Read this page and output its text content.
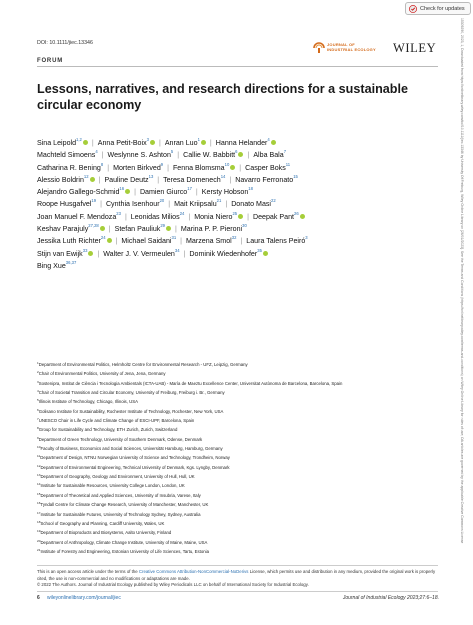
Check for updates
15309290, 2023, 1, Downloaded from https://onlinelibrary.wiley.com/doi/10.1111/jiec.13346 by University Of Freiburg, Wiley Online Library on [26/01/2023]. See the Terms and Conditions (https://onlinelibrary.wiley.com/terms-and-conditions) on Wiley Online Library for rules of use; OA articles are governed by the applicable Creative Commons License
DOI: 10.1111/jiec.13346	JOURNAL OF
INDUSTRIAL ECOLOGY WILEY
FORUM
Lessons, narratives, and research directions for a sustainable circular economy
Sina Leipold$^{1,2}$ | Anna Petit-Boix$^3$ | Anran Luo$^1$ | Hanna Helander$^4$
Machteld Simoens$^4$ | Weslynne S. Ashton$^5$ | Callie W. Babbitt$^6$ | Alba Bala$^7$
Catharina R. Bening$^8$ | Morten Birkved$^9$ | Fenna Blomsma$^{10}$ | Casper Boks$^{11}$
Alessio Boldrin$^{12}$ | Pauline Deutz$^{13}$ | Teresa Domenech$^{14}$ | Navarro Ferronato$^{15}$
Alejandro Gallego-Schmid$^{16}$ | Damien Giurco$^{17}$ | Kersty Hobson$^{18}$
Roope Husgafvel$^{19}$ | Cynthia Isenhour$^{20}$ | Mait Kriipsalu$^{21}$ | Donato Masi$^{22}$
Joan Manuel F. Mendoza$^{23}$ | Leonidas Milios$^{24}$ | Monia Niero$^{25}$ | Deepak Pant$^{26}$
Keshav Parajuly$^{27,28}$ | Stefan Pauliuk$^{29}$ | Marina P. P. Pieroni$^{30}$
Jessika Luth Richter$^{24}$ | Michael Saidani$^{31}$ | Marzena Smol$^{32}$ | Laura Talens Peiró$^3$
Stijn van Ewijk$^{33}$ | Walter J. V. Vermeulen$^{34}$ | Dominik Wiedenhofer$^{35}$
Bing Xue$^{36,37}$
$^1$Department of Environmental Politics, Helmholtz Centre for Environmental Research - UFZ, Leipzig, Germany
$^2$Chair of Environmental Politics, University of Jena, Jena, Germany
$^3$Sostenipra, Institut de Ciència i Tecnologia Ambientals (ICTA-UAB) - María de Maeztu Excellence Center, Universitat Autònoma de Barcelona, Barcelona, Spain
$^4$Chair of Societal Transition and Circular Economy, University of Freiburg, Freiburg i. Br., Germany
$^5$Illinois Institute of Technology, Chicago, Illinois, USA
$^6$Golisano Institute for Sustainability, Rochester Institute of Technology, Rochester, New York, USA
$^7$UNESCO Chair in Life Cycle and Climate Change of ESCI-UPF, Barcelona, Spain
$^8$Group for Sustainability and Technology, ETH Zurich, Zurich, Switzerland
$^9$Department of Green Technology, University of Southern Denmark, Odense, Denmark
$^{10}$Faculty of Business, Economics and Social Sciences, Universität Hamburg, Hamburg, Germany
$^{11}$Department of Design, NTNU Norwegian University of Science and Technology, Trondheim, Norway
$^{12}$Department of Environmental Engineering, Technical University of Denmark, Kgs. Lyngby, Denmark
$^{13}$Department of Geography, Geology and Environment, University of Hull, Hull, UK
$^{14}$Institute for Sustainable Resources, University College London, London, UK
$^{15}$Department of Theoretical and Applied Sciences, University of Insubria, Varese, Italy
$^{16}$Tyndall Centre for Climate Change Research, University of Manchester, Manchester, UK
$^{17}$Institute for Sustainable Futures, University of Technology Sydney, Sydney, Australia
$^{18}$School of Geography and Planning, Cardiff University, Wales, UK
$^{19}$Department of Bioproducts and Biosystems, Aalto University, Finland
$^{20}$Department of Anthropology, Climate Change Institute, University of Maine, Maine, USA
$^{21}$Institute of Forestry and Engineering, Estonian University of Life Sciences, Tartu, Estonia

This is an open access article under the terms of the Creative Commons Attribution-NonCommercial-NoDerivs License, which permits use and distribution in any medium, provided the original work is properly cited, the use is non-commercial and no modifications or adaptations are made.
© 2022 The Authors. Journal of Industrial Ecology published by Wiley Periodicals LLC on behalf of International Society for Industrial Ecology.

6 wileyonlinelibrary.com/journal/jiec	Journal of Industrial Ecology 2023;27:6–18.
